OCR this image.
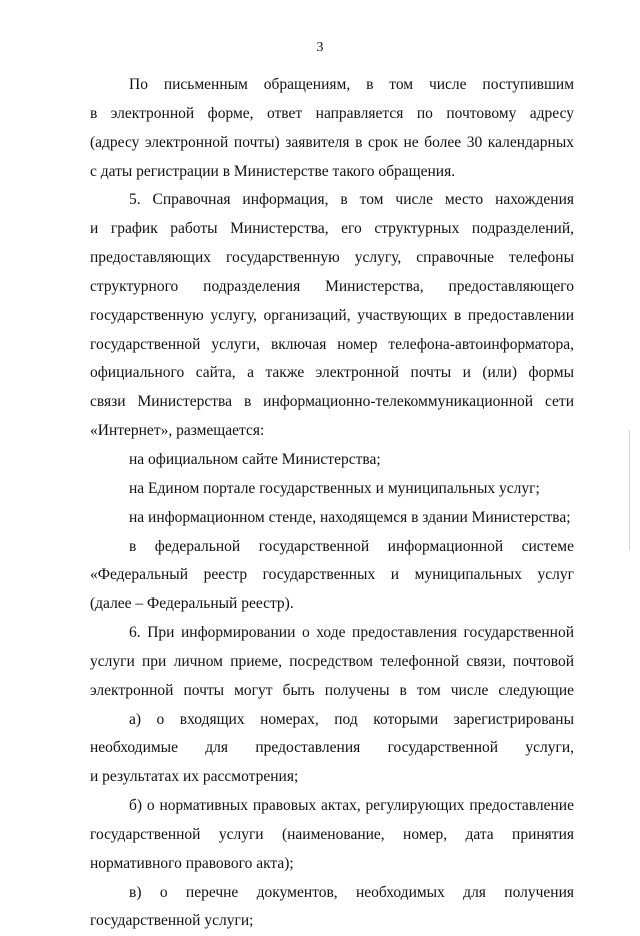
3
По письменным обращениям, в том числе поступившим
в электронной форме, ответ направляется по почтовому адресу
(адресу электронной почты) заявителя в срок не более 30 календарных
с даты регистрации в Министерстве такого обращения.
5. Справочная информация, в том числе место нахождения
и график работы Министерства, его структурных подразделений,
предоставляющих государственную услугу, справочные телефоны
структурного подразделения Министерства, предоставляющего
государственную услугу, организаций, участвующих в предоставлении
государственной услуги, включая номер телефона-автоинформатора,
официального сайта, а также электронной почты и (или) формы
связи Министерства в информационно-телекоммуникационной сети
«Интернет», размещается:
на официальном сайте Министерства;
на Едином портале государственных и муниципальных услуг;
на информационном стенде, находящемся в здании Министерства;
в федеральной государственной информационной системе
«Федеральный реестр государственных и муниципальных услуг
(далее – Федеральный реестр).
6. При информировании о ходе предоставления государственной
услуги при личном приеме, посредством телефонной связи, почтовой
электронной почты могут быть получены в том числе следующие
а) о входящих номерах, под которыми зарегистрированы
необходимые для предоставления государственной услуги,
и результатах их рассмотрения;
б) о нормативных правовых актах, регулирующих предоставление
государственной услуги (наименование, номер, дата принятия
нормативного правового акта);
в) о перечне документов, необходимых для получения
государственной услуги;
